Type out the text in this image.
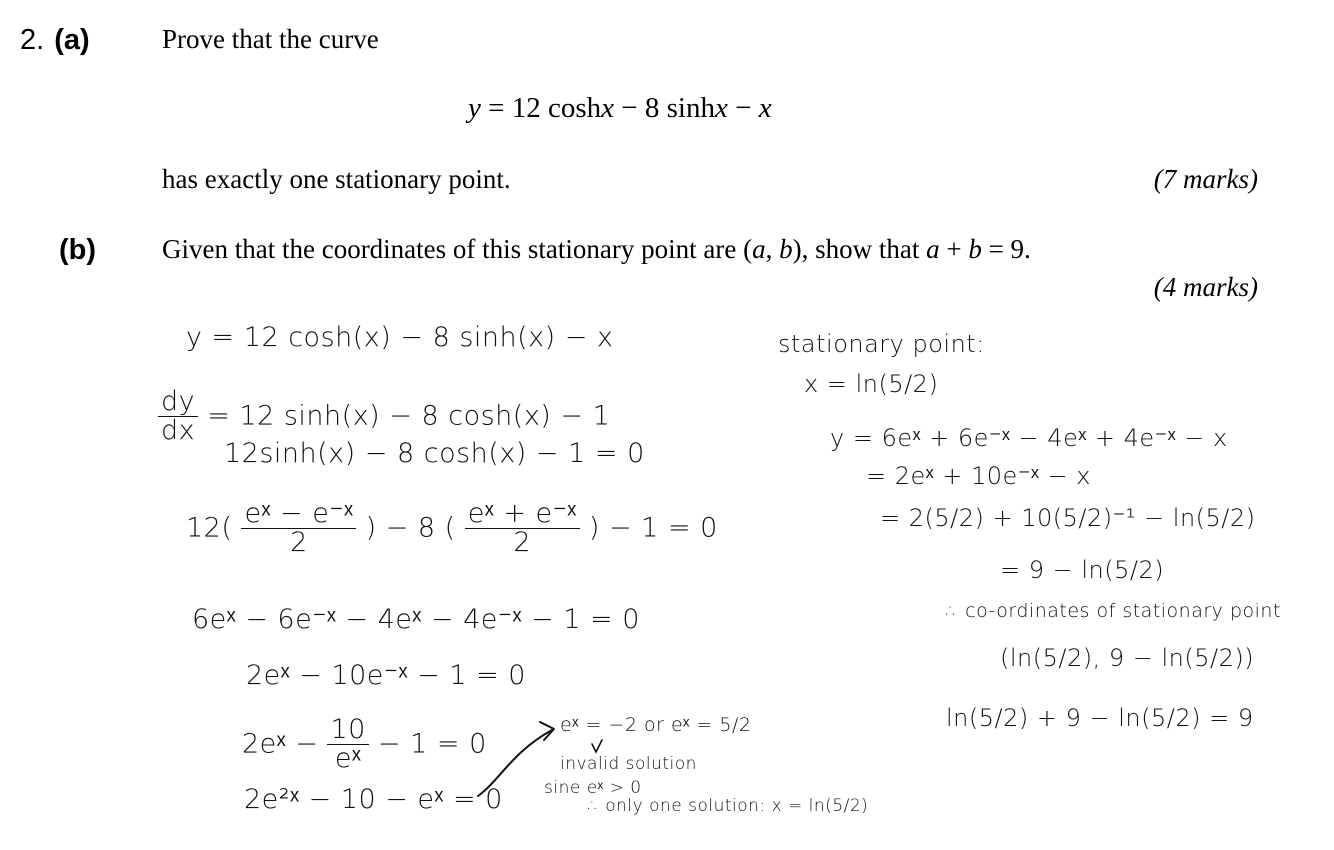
2. (a)	Prove that the curve
y = 12 coshx − 8 sinhx − x
has exactly one stationary point.	(7 marks)
(b) Given that the coordinates of this stationary point are (a, b), show that a + b = 9.
(4 marks)
y = 12 cosh(x) − 8 sinh(x) − x
$\frac{dy}{dx} = 12$ sinh(x) − 8 cosh(x) − 1
12sinh(x) − 8 cosh(x) − 1 = 0
$12( \frac{\text{eˣ − e⁻ˣ}}{2}$ ) − 8 ( $\frac{\text{eˣ + e⁻ˣ}}{2}$ ) − 1 = 0
6eˣ − 6e⁻ˣ − 4eˣ − 4e⁻ˣ − 1 = 0
2eˣ − 10e⁻ˣ − 1 = 0
2eˣ − $\frac{10}{\text{eˣ}} - 1 = 0$
2e²ˣ − 10 − eˣ = 0
eˣ = −2 or eˣ = 5/2
invalid solution
sine eˣ > 0
∴ only one solution: x = ln(5/2)
stationary point:
x = ln(5/2)
y = 6eˣ + 6e⁻ˣ − 4eˣ + 4e⁻ˣ − x
= 2eˣ + 10e⁻ˣ − x
= 2(5/2) + 10(5/2)⁻¹ − ln(5/2)
= 9 − ln(5/2)
∴ co-ordinates of stationary point
(ln(5/2), 9 − ln(5/2))
ln(5/2) + 9 − ln(5/2) = 9
